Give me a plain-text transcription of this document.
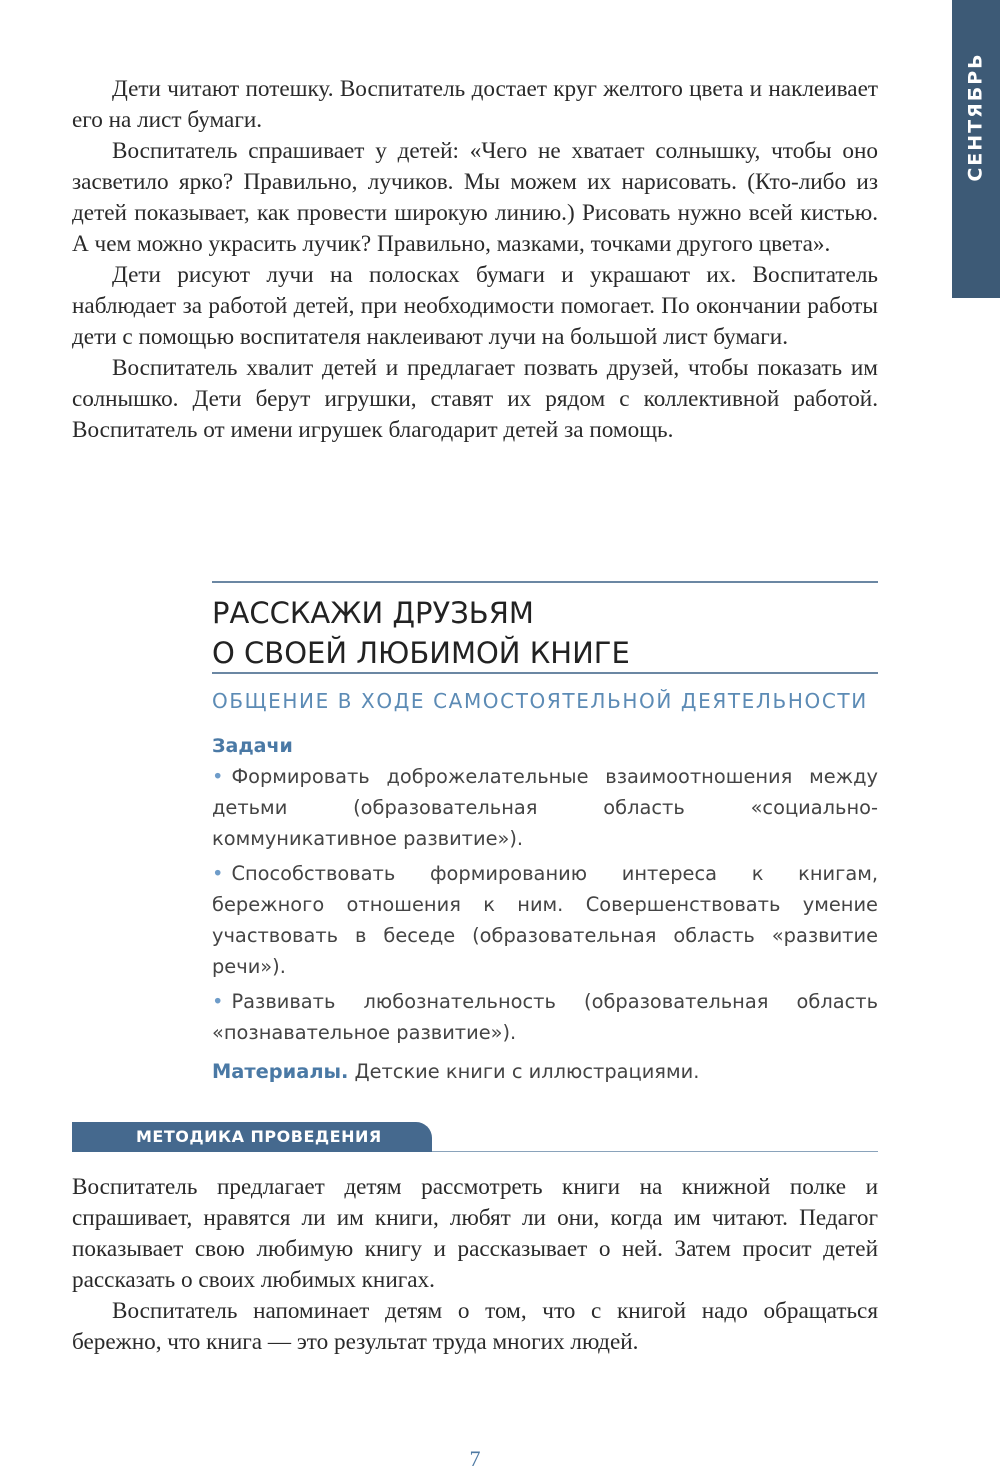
СЕНТЯБРЬ

Дети читают потешку. Воспитатель достает круг желтого цвета и наклеивает его на лист бумаги.

Воспитатель спрашивает у детей: «Чего не хватает солнышку, чтобы оно засветило ярко? Правильно, лучиков. Мы можем их нарисовать. (Кто-либо из детей показывает, как провести широкую линию.) Рисовать нужно всей кистью. А чем можно украсить лучик? Правильно, мазками, точками другого цвета».

Дети рисуют лучи на полосках бумаги и украшают их. Воспитатель наблюдает за работой детей, при необходимости помогает. По окончании работы дети с помощью воспитателя наклеивают лучи на большой лист бумаги.

Воспитатель хвалит детей и предлагает позвать друзей, чтобы показать им солнышко. Дети берут игрушки, ставят их рядом с коллективной работой. Воспитатель от имени игрушек благодарит детей за помощь.

РАССКАЖИ ДРУЗЬЯМ
О СВОЕЙ ЛЮБИМОЙ КНИГЕ
ОБЩЕНИЕ В ХОДЕ САМОСТОЯТЕЛЬНОЙ ДЕЯТЕЛЬНОСТИ
Задачи

• Формировать доброжелательные взаимоотношения между детьми (образовательная область «социально-коммуникативное развитие»).

• Способствовать формированию интереса к книгам, бережного отношения к ним. Совершенствовать умение участвовать в беседе (образовательная область «развитие речи»).

• Развивать любознательность (образовательная область «познавательное развитие»).

Материалы. Детские книги с иллюстрациями.

МЕТОДИКА ПРОВЕДЕНИЯ

Воспитатель предлагает детям рассмотреть книги на книжной полке и спрашивает, нравятся ли им книги, любят ли они, когда им читают. Педагог показывает свою любимую книгу и рассказывает о ней. Затем просит детей рассказать о своих любимых книгах.

Воспитатель напоминает детям о том, что с книгой надо обращаться бережно, что книга — это результат труда многих людей.

7
